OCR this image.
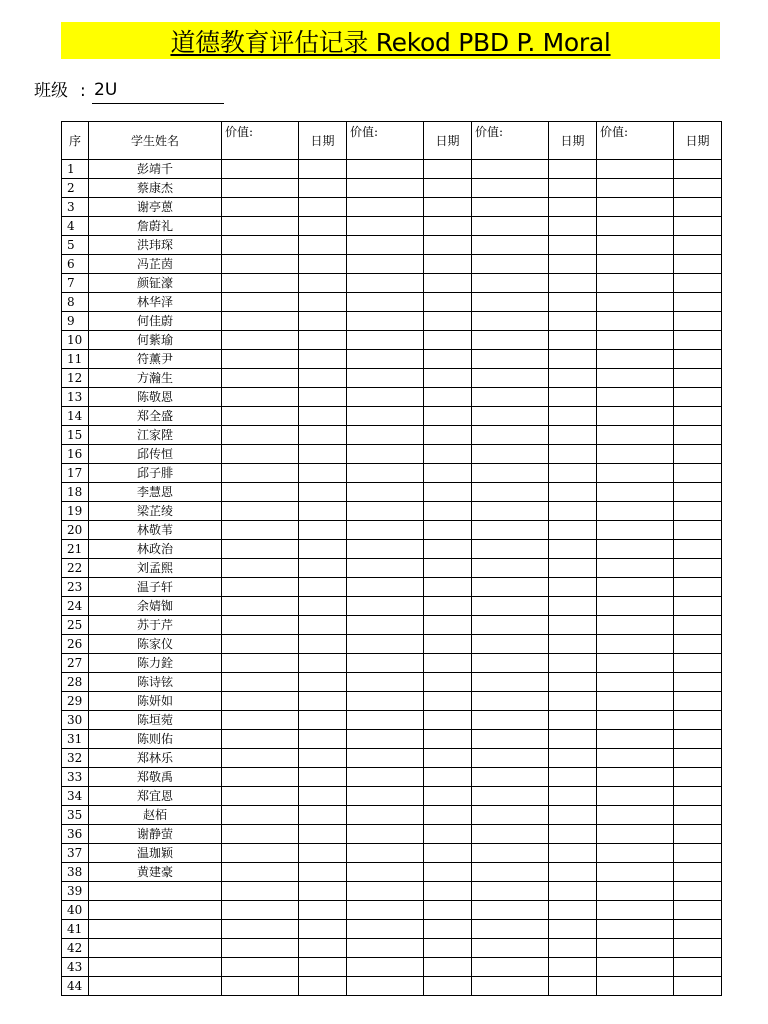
道德教育评估记录 Rekod PBD P. Moral
班级 : 2U
序	学生姓名	价值:	日期	价值:	日期	价值:	日期	价值:	日期
1	彭靖千								
2	蔡康杰								
3	谢亭蒽								
4	詹蔚礼								
5	洪玮琛								
6	冯芷茵								
7	颜钲濠								
8	林华泽								
9	何佳蔚								
10	何紫瑜								
11	符薰尹								
12	方瀚生								
13	陈敬恩								
14	郑全盛								
15	江家陞								
16	邱传恒								
17	邱子腓								
18	李慧恩								
19	梁芷绫								
20	林敬苇								
21	林政治								
22	刘孟熙								
23	温子轩								
24	余婧铷								
25	苏于芹								
26	陈家仪								
27	陈力銓								
28	陈诗铉								
29	陈妍如								
30	陈垣菀								
31	陈则佑								
32	郑林乐								
33	郑敬禹								
34	郑宜恩								
35	赵栢								
36	谢静萤								
37	温珈颖								
38	黄建豪								
39									
40									
41									
42									
43									
44									
